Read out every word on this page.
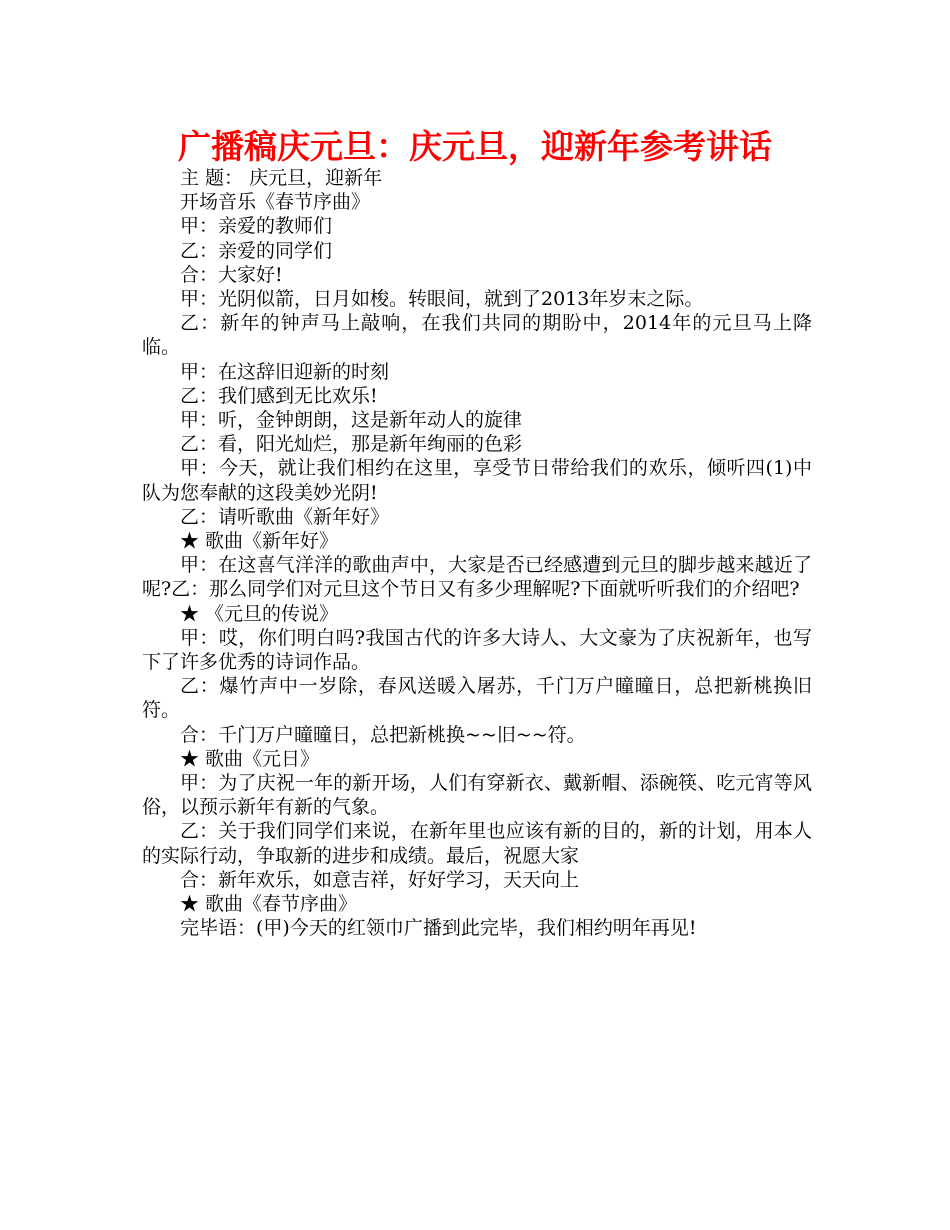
广播稿庆元旦：庆元旦，迎新年参考讲话

主 题： 庆元旦，迎新年

开场音乐《春节序曲》

甲：亲爱的教师们

乙：亲爱的同学们

合：大家好!

甲：光阴似箭，日月如梭。转眼间，就到了2013年岁末之际。

乙：新年的钟声马上敲响，在我们共同的期盼中，2014年的元旦马上降临。

甲：在这辞旧迎新的时刻

乙：我们感到无比欢乐!

甲：听，金钟朗朗，这是新年动人的旋律

乙：看，阳光灿烂，那是新年绚丽的色彩

甲：今天，就让我们相约在这里，享受节日带给我们的欢乐，倾听四(1)中队为您奉献的这段美妙光阴!

乙：请听歌曲《新年好》

★ 歌曲《新年好》

甲：在这喜气洋洋的歌曲声中，大家是否已经感遭到元旦的脚步越来越近了呢?乙：那么同学们对元旦这个节日又有多少理解呢?下面就听听我们的介绍吧?

★ 《元旦的传说》

甲：哎，你们明白吗?我国古代的许多大诗人、大文豪为了庆祝新年，也写下了许多优秀的诗词作品。

乙：爆竹声中一岁除，春风送暖入屠苏，千门万户曈曈日，总把新桃换旧符。

合：千门万户曈曈日，总把新桃换~~旧~~符。

★ 歌曲《元日》

甲：为了庆祝一年的新开场，人们有穿新衣、戴新帽、添碗筷、吃元宵等风俗，以预示新年有新的气象。

乙：关于我们同学们来说，在新年里也应该有新的目的，新的计划，用本人的实际行动，争取新的进步和成绩。最后，祝愿大家

合：新年欢乐，如意吉祥，好好学习，天天向上

★ 歌曲《春节序曲》

完毕语：(甲)今天的红领巾广播到此完毕，我们相约明年再见!
